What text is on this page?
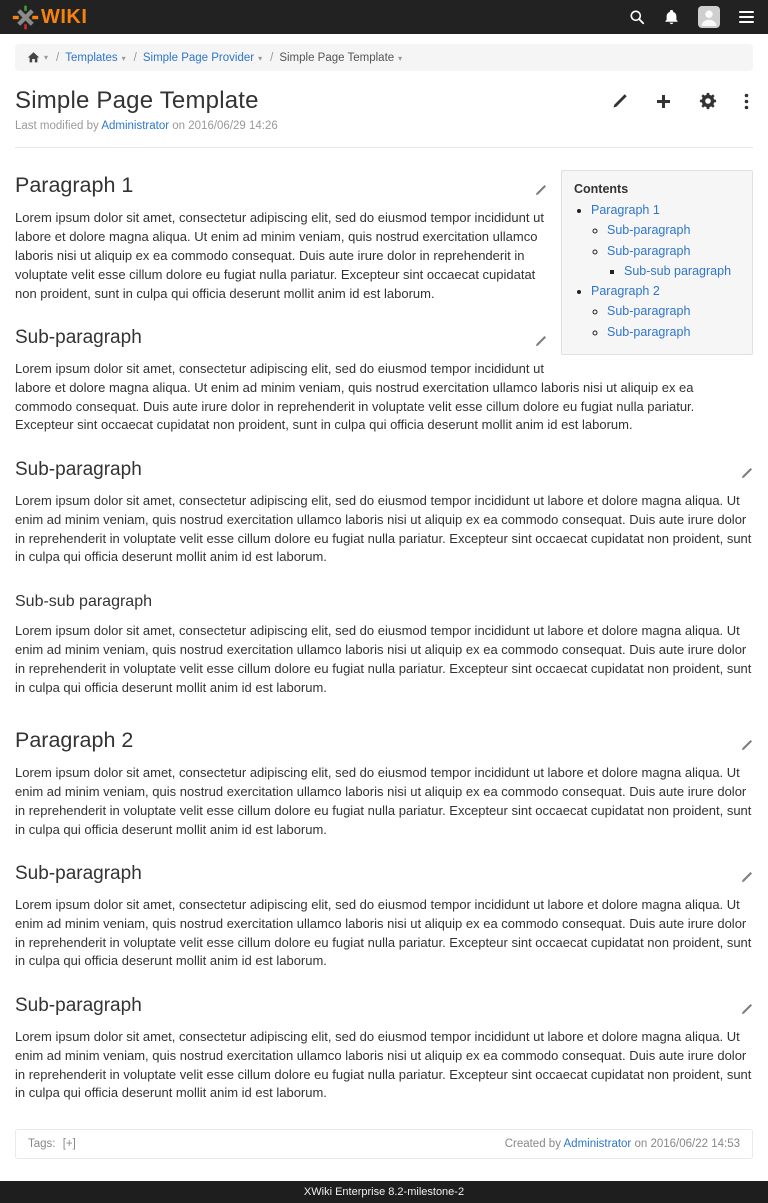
WIKI
▾ / Templates ▾ / Simple Page Provider ▾ / Simple Page Template ▾
Simple Page Template
Last modified by Administrator on 2016/06/29 14:26
Contents
• Paragraph 1
◦ Sub-paragraph
◦ Sub-paragraph
▪ Sub-sub paragraph
• Paragraph 2
◦ Sub-paragraph
◦ Sub-paragraph
Paragraph 1

Lorem ipsum dolor sit amet, consectetur adipiscing elit, sed do eiusmod tempor incididunt ut labore et dolore magna aliqua. Ut enim ad minim veniam, quis nostrud exercitation ullamco laboris nisi ut aliquip ex ea commodo consequat. Duis aute irure dolor in reprehenderit in voluptate velit esse cillum dolore eu fugiat nulla pariatur. Excepteur sint occaecat cupidatat non proident, sunt in culpa qui officia deserunt mollit anim id est laborum.

Sub-paragraph

Lorem ipsum dolor sit amet, consectetur adipiscing elit, sed do eiusmod tempor incididunt ut labore et dolore magna aliqua. Ut enim ad minim veniam, quis nostrud exercitation ullamco laboris nisi ut aliquip ex ea commodo consequat. Duis aute irure dolor in reprehenderit in voluptate velit esse cillum dolore eu fugiat nulla pariatur. Excepteur sint occaecat cupidatat non proident, sunt in culpa qui officia deserunt mollit anim id est laborum.

Sub-paragraph

Lorem ipsum dolor sit amet, consectetur adipiscing elit, sed do eiusmod tempor incididunt ut labore et dolore magna aliqua. Ut enim ad minim veniam, quis nostrud exercitation ullamco laboris nisi ut aliquip ex ea commodo consequat. Duis aute irure dolor in reprehenderit in voluptate velit esse cillum dolore eu fugiat nulla pariatur. Excepteur sint occaecat cupidatat non proident, sunt in culpa qui officia deserunt mollit anim id est laborum.

Sub-sub paragraph

Lorem ipsum dolor sit amet, consectetur adipiscing elit, sed do eiusmod tempor incididunt ut labore et dolore magna aliqua. Ut enim ad minim veniam, quis nostrud exercitation ullamco laboris nisi ut aliquip ex ea commodo consequat. Duis aute irure dolor in reprehenderit in voluptate velit esse cillum dolore eu fugiat nulla pariatur. Excepteur sint occaecat cupidatat non proident, sunt in culpa qui officia deserunt mollit anim id est laborum.

Paragraph 2

Lorem ipsum dolor sit amet, consectetur adipiscing elit, sed do eiusmod tempor incididunt ut labore et dolore magna aliqua. Ut enim ad minim veniam, quis nostrud exercitation ullamco laboris nisi ut aliquip ex ea commodo consequat. Duis aute irure dolor in reprehenderit in voluptate velit esse cillum dolore eu fugiat nulla pariatur. Excepteur sint occaecat cupidatat non proident, sunt in culpa qui officia deserunt mollit anim id est laborum.

Sub-paragraph

Lorem ipsum dolor sit amet, consectetur adipiscing elit, sed do eiusmod tempor incididunt ut labore et dolore magna aliqua. Ut enim ad minim veniam, quis nostrud exercitation ullamco laboris nisi ut aliquip ex ea commodo consequat. Duis aute irure dolor in reprehenderit in voluptate velit esse cillum dolore eu fugiat nulla pariatur. Excepteur sint occaecat cupidatat non proident, sunt in culpa qui officia deserunt mollit anim id est laborum.

Sub-paragraph

Lorem ipsum dolor sit amet, consectetur adipiscing elit, sed do eiusmod tempor incididunt ut labore et dolore magna aliqua. Ut enim ad minim veniam, quis nostrud exercitation ullamco laboris nisi ut aliquip ex ea commodo consequat. Duis aute irure dolor in reprehenderit in voluptate velit esse cillum dolore eu fugiat nulla pariatur. Excepteur sint occaecat cupidatat non proident, sunt in culpa qui officia deserunt mollit anim id est laborum.

Tags: [+]	Created by Administrator on 2016/06/22 14:53
XWiki Enterprise 8.2-milestone-2
